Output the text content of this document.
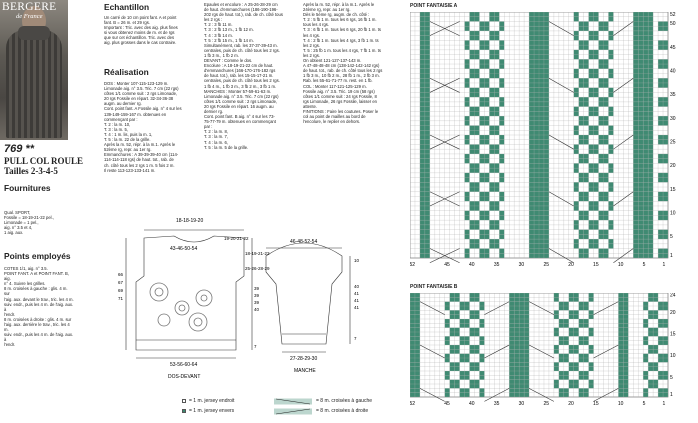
BERGERE
de France
769 **
PULL COL ROULE
Tailles 2-3-4-5
Fournitures
Qual. SPORT,
Fossile = 18-19-21-22 pel.,
Limonade = 1 pel.,
aig. n° 3.5 et 4,
1 aig. aux.
Points employés
COTES 1/1, aig. n° 3.5.
POINT FANT. A et POINT FANT. B, aig.
n° 4. Suivre les grilles.
8 m. croisées à gauche : glis. 4 m. sur
l'aig. aux. devant le trav., tric. les 4 m.
suiv. endr., puis les 4 m. de l'aig. aux. à
l'endr.
8 m. croisées à droite : glis. 4 m. sur
l'aig. aux. derrière le trav., tric. les 4 m.
suiv. endr., puis les 4 m. de l'aig. aux. à
l'endr.
Echantillon
Un carré de 10 cm point fant. A et point
fant. B = 26 m. et 29 rgs.
Important : Tric. avec des aig. plus fines
si vous obtenez moins de m. et de rgs
que sur cet échantillon. Tric. avec des
aig. plus grosses dans le cas contraire.
Réalisation
DOS : Monter 107-115-123-129 m.
Limonade aig. n° 3.5. Tric. 7 cm (22 rgs)
côtes 1/1 comme suit : 2 rgs Limonade,
20 rgs Fossile en répart. 32-34-36-38
augm. au dernier rg.
Cont. point fant. A Fossile aig. n° 4 sur les
139-149-159-167 m. obtenues en
commençant par :
T. 2 : la m. 10,
T. 3 : la m. 5,
T. 4 : 1 m. lis, puis la m. 1,
T. 5 : la m. 22 de la grille.
Après la m. 52, répr. à la m.1. Après le
52ème rg, repr. au 1er rg.
Emmanchures : A 39-39-39-40 cm (114-
114-114-118 rgs) de haut. tot., rab. de
ch. côté tous les 2 rgs 1 m. 5 fois 2 m.
Il reste 113-123-133-141 m.
Epaules et encolure : A 25-26-28-29 cm
de haut. d'emmanchures (186-190-196-
202 rgs de haut. tot.), rab. de ch. côté tous
les 2 rgs :
T. 2 : 3 fb 11 m.
T. 3 : 2 fb 13 m., 1 fb 12 m.
T. 4 : 3 fb 14 m.
T. 5 : 2 fb 15 m., 1 fb 14 m.
Simultanément, rab. les 37-37-39-43 m.
centrales, puis de ch. côté tous les 2 rgs.
1 fb 3 m., 1 fb 2 m.
DEVANT : Comme le dos.
Encolure : A 18-19-21-22 cm de haut.
d'emmanchures (166-170-176-182 rgs
de haut. tot.), rab. les 15-15-17-21 m.
centrales, puis de ch. côté tous les 2 rgs.
1 fb 4 m., 1 fb 3 m., 3 fb 2 m., 3 fb 1 m.
MANCHES : Monter 57-59-61-63 m.
Limonade aig. n° 3.5. Tric. 7 cm (22 rgs)
côtes 1/1 comme suit : 2 rgs Limonade,
20 rgs Fossile en répart. 16 augm. au
dernier rg.
Cont. point fant. B aig. n° 4 sur les 73-
75-77-79 m. obtenues en commençant
par :
T. 2 : la m. 8,
T. 3 : la m. 7,
T. 4 : la m. 6,
T. 5 : la m. 5 de la grille.
Après la m. 52, répr. à la m.1. Après le
24ème rg, repr. au 1er rg.
Dès le 5ème rg, augm. de ch. côté :
T. 2 : 5 fb 1 m. tous les 6 rgs, 16 fb 1 m.
tous les 4 rgs.
T. 3 : 6 fb 1 m. tous les 6 rgs, 20 fb 1 m. ts
les 4 rgs.
T. 4 : 2 fb 1 m. tous les 4 rgs, 3 fb 1 m. ts
les 2 rgs.
T. 5 : 25 fb 1 m. tous les 4 rgs, 7 fb 1 m. ts
les 2 rgs.
On obtient 121-127-137-143 m.
A 47-48-48-48 cm (138-142-142-142 rgs)
de haut. tot., rab. de ch. côté tous les 2 rgs
1 fb 3 m., 10 fb 2 m., 28 fb 1 m., 2 fb 3 m.
Rab. les 55-61-71-77 m. rest. en 1 fb.
COL : Monter 117-121-125-129 m.
Fossile aig. n° 3.5. Tric. 19 cm (58 rgs)
côtes 1/1 comme suit : 24 rgs Fossile, 8
rgs Limonade, 26 rgs Fossile, laisser en
attente.
FINITIONS : Faire les coutures. Poser le
col au point de mailles au bord de
l'encolure, le replier en dehors.
18-18-19-20
43-46-50-54
53-56-60-64
DOS-DEVANT
19-20-21-22
18-19-21-22
25-26-28-29
39
39
39
40
7
66
67
69
71
46-48-52-54
27-28-29-30
MANCHE
10
40
41
41
41
7
= 1 m. jersey endroit
= 1 m. jersey envers
= 8 m. croisées à gauche
= 8 m. croisées à droite
POINT FANTAISIE A
52	45	40	35	30	25	20	15	10	5	1
52
50
45
40
35
30
25
20
15
10
5
1
POINT FANTAISIE B
52	45	40	35	30	25	20	15	10	5	1
24
20
15
10
5
1
